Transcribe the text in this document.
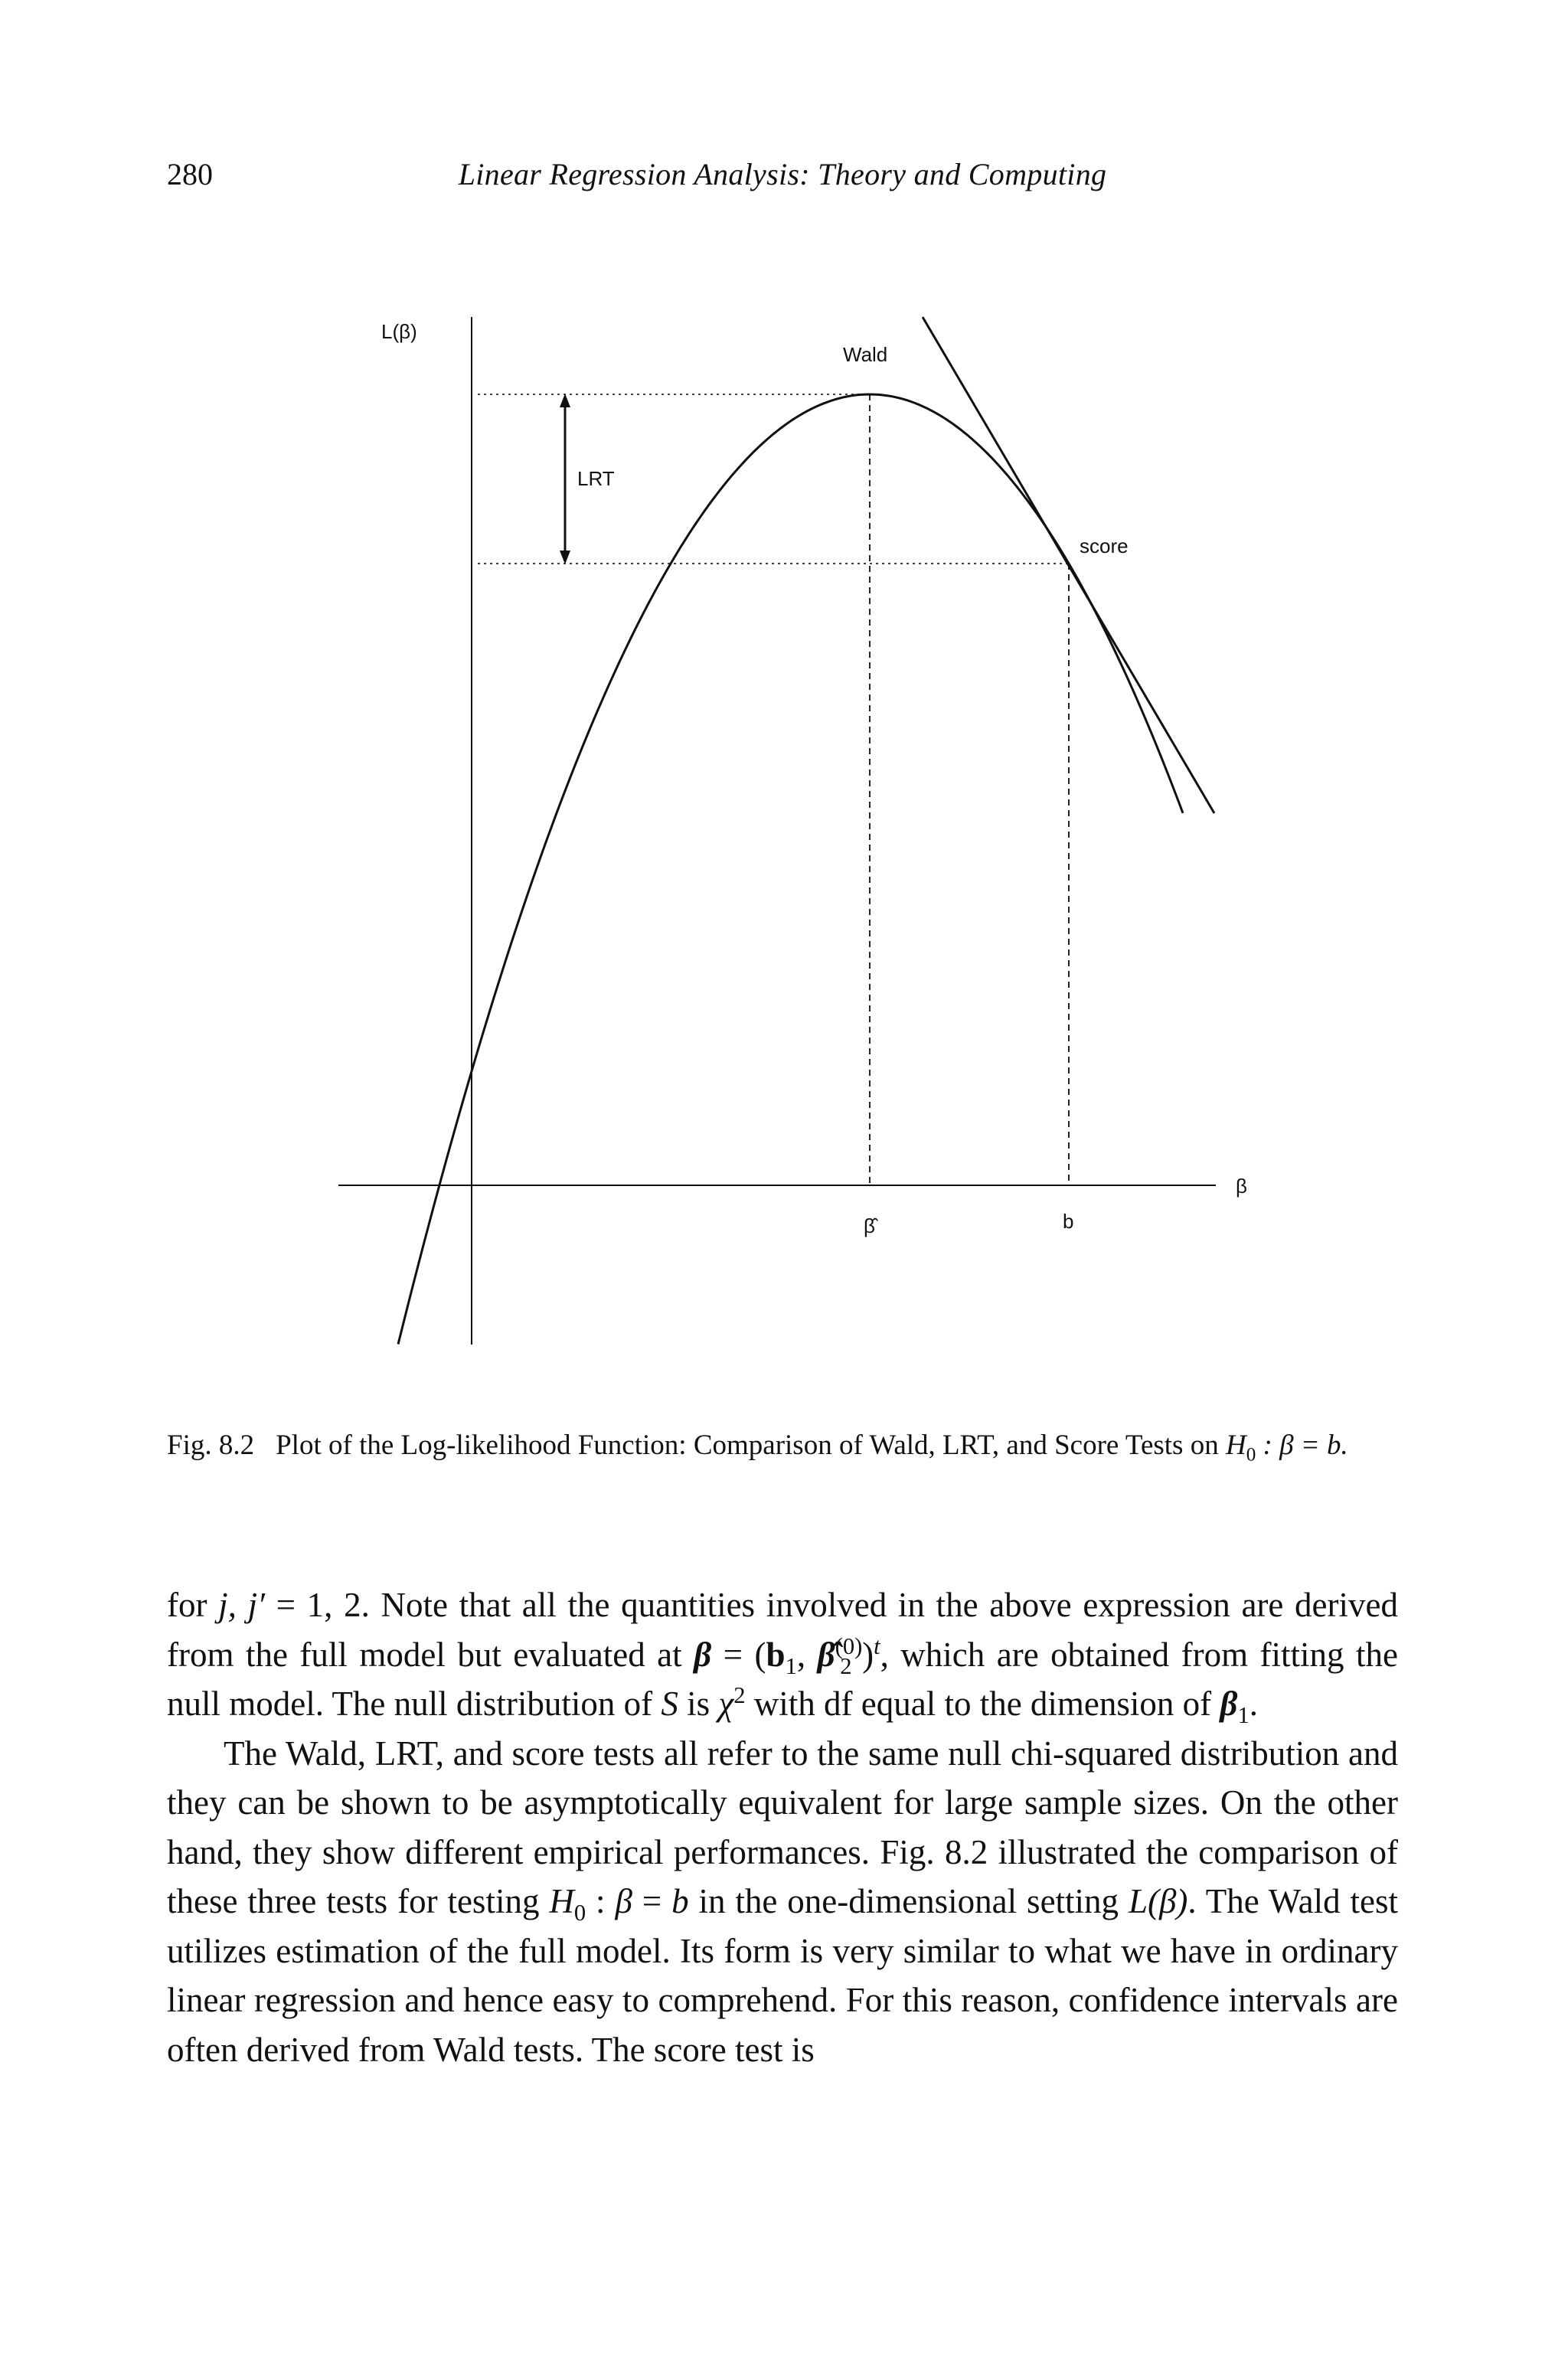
280	Linear Regression Analysis: Theory and Computing
L(β)
Wald
LRT
score
β
β̂	b
Fig. 8.2 Plot of the Log-likelihood Function: Comparison of Wald, LRT, and Score Tests on $H_0$ : β = b.

for j, j′ = 1, 2. Note that all the quantities involved in the above expression are derived from the full model but evaluated at $\beta = (b_1$, β̂$^{(0)}_2$ )$^t$, which are obtained from fitting the null model. The null distribution of S is $\chi^2$ with df equal to the dimension of $\beta_1$.

The Wald, LRT, and score tests all refer to the same null chi-squared distribution and they can be shown to be asymptotically equivalent for large sample sizes. On the other hand, they show different empirical performances. Fig. 8.2 illustrated the comparison of these three tests for testing $H_0$ : β = b in the one-dimensional setting L(β). The Wald test utilizes estimation of the full model. Its form is very similar to what we have in ordinary linear regression and hence easy to comprehend. For this reason, confidence intervals are often derived from Wald tests. The score test is
